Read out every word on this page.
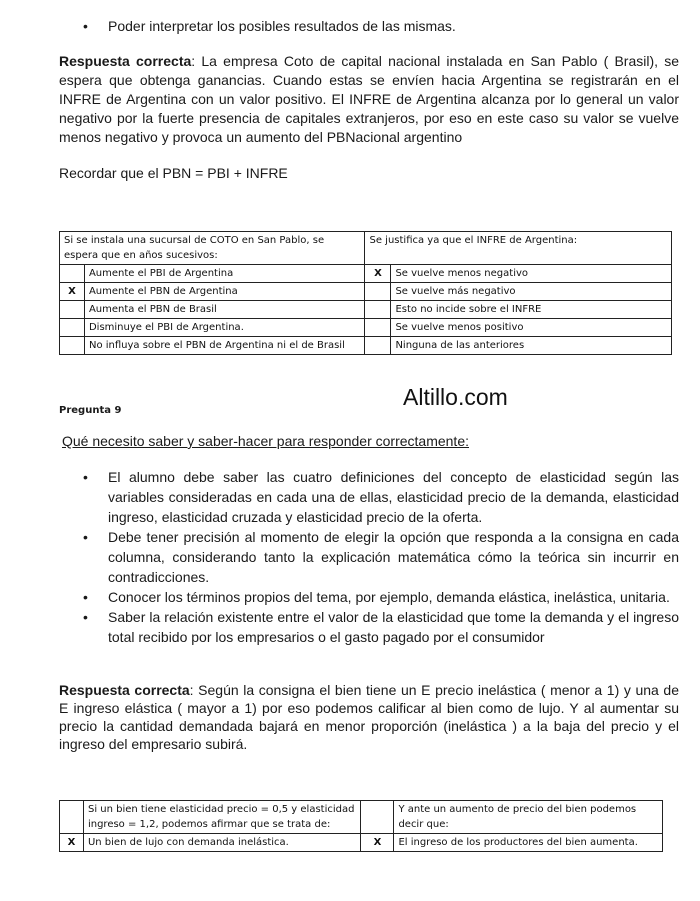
• Poder interpretar los posibles resultados de las mismas.

Respuesta correcta: La empresa Coto de capital nacional instalada en San Pablo ( Brasil), se espera que obtenga ganancias. Cuando estas se envíen hacia Argentina se registrarán en el INFRE de Argentina con un valor positivo. El INFRE de Argentina alcanza por lo general un valor negativo por la fuerte presencia de capitales extranjeros, por eso en este caso su valor se vuelve menos negativo y provoca un aumento del PBNacional argentino

Recordar que el PBN = PBI + INFRE

Si se instala una sucursal de COTO en San Pablo, se espera que en años sucesivos:		Se justifica ya que el INFRE de Argentina:	
	Aumente el PBI de Argentina	X	Se vuelve menos negativo
X	Aumente el PBN de Argentina		Se vuelve más negativo
	Aumenta el PBN de Brasil		Esto no incide sobre el INFRE
	Disminuye el PBI de Argentina.		Se vuelve menos positivo
	No influya sobre el PBN de Argentina ni el de Brasil		Ninguna de las anteriores

Altillo.com

Pregunta 9

Qué necesito saber y saber-hacer para responder correctamente:

• El alumno debe saber las cuatro definiciones del concepto de elasticidad según las variables consideradas en cada una de ellas, elasticidad precio de la demanda, elasticidad ingreso, elasticidad cruzada y elasticidad precio de la oferta.
• Debe tener precisión al momento de elegir la opción que responda a la consigna en cada columna, considerando tanto la explicación matemática cómo la teórica sin incurrir en contradicciones.
• Conocer los términos propios del tema, por ejemplo, demanda elástica, inelástica, unitaria.
• Saber la relación existente entre el valor de la elasticidad que tome la demanda y el ingreso total recibido por los empresarios o el gasto pagado por el consumidor

Respuesta correcta: Según la consigna el bien tiene un E precio inelástica ( menor a 1) y una de E ingreso elástica ( mayor a 1) por eso podemos calificar al bien como de lujo. Y al aumentar su precio la cantidad demandada bajará en menor proporción (inelástica ) a la baja del precio y el ingreso del empresario subirá.

	Si un bien tiene elasticidad precio = 0,5 y elasticidad ingreso = 1,2, podemos afirmar que se trata de:		Y ante un aumento de precio del bien podemos decir que:
X	Un bien de lujo con demanda inelástica.	X	El ingreso de los productores del bien aumenta.
